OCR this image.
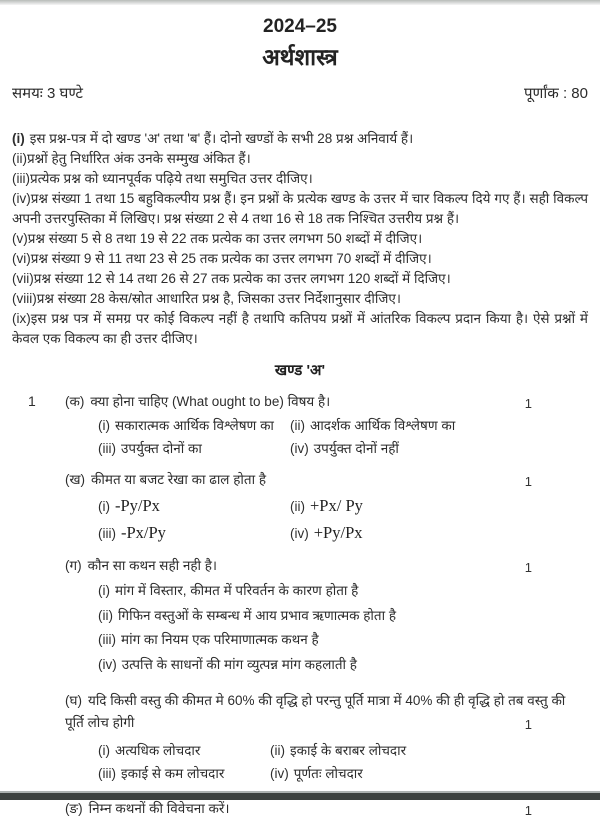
2024–25
अर्थशास्त्र
समयः 3 घण्टे	पूर्णांक : 80
(i) इस प्रश्न-पत्र में दो खण्ड 'अ' तथा 'ब' हैं। दोनो खण्डों के सभी 28 प्रश्न अनिवार्य हैं।
(ii)प्रश्नों हेतु निर्धारित अंक उनके सम्मुख अंकित हैं।
(iii)प्रत्येक प्रश्न को ध्यानपूर्वक पढ़िये तथा समुचित उत्तर दीजिए।
(iv)प्रश्न संख्या 1 तथा 15 बहुविकल्पीय प्रश्न हैं। इन प्रश्नों के प्रत्येक खण्ड के उत्तर में चार विकल्प दिये गए हैं। सही विकल्प अपनी उत्तरपुस्तिका में लिखिए। प्रश्न संख्या 2 से 4 तथा 16 से 18 तक निश्चित उत्तरीय प्रश्न हैं।
(v)प्रश्न संख्या 5 से 8 तथा 19 से 22 तक प्रत्येक का उत्तर लगभग 50 शब्दों में दीजिए।
(vi)प्रश्न संख्या 9 से 11 तथा 23 से 25 तक प्रत्येक का उत्तर लगभग 70 शब्दों में दीजिए।
(vii)प्रश्न संख्या 12 से 14 तथा 26 से 27 तक प्रत्येक का उत्तर लगभग 120 शब्दों में दिजिए।
(viii)प्रश्न संख्या 28 केस/स्रोत आधारित प्रश्न है, जिसका उत्तर निर्देशानुसार दीजिए।
(ix)इस प्रश्न पत्र में समग्र पर कोई विकल्प नहीं है तथापि कतिपय प्रश्नों में आंतरिक विकल्प प्रदान किया है। ऐसे प्रश्नों में केवल एक विकल्प का ही उत्तर दीजिए।
खण्ड 'अ'
1	(क) क्या होना चाहिए (What ought to be) विषय है।	1
(i) सकारात्मक आर्थिक विश्लेषण का	(ii) आदर्शक आर्थिक विश्लेषण का
(iii) उपर्युक्त दोनों का	(iv) उपर्युक्त दोनों नहीं
(ख) कीमत या बजट रेखा का ढाल होता है	1
(i) -Py/Px	(ii) +Px/ Py
(iii) -Px/Py	(iv) +Py/Px
(ग) कौन सा कथन सही नही है।	1
(i) मांग में विस्तार, कीमत में परिवर्तन के कारण होता है
(ii) गिफिन वस्तुओं के सम्बन्ध में आय प्रभाव ऋणात्मक होता है
(iii) मांग का नियम एक परिमाणात्मक कथन है
(iv) उत्पत्ति के साधनों की मांग व्युत्पन्न मांग कहलाती है
(घ) यदि किसी वस्तु की कीमत मे 60% की वृद्धि हो परन्तु पूर्ति मात्रा में 40% की ही वृद्धि हो तब वस्तु की पूर्ति लोच होगी	1
(i) अत्यधिक लोचदार	(ii) इकाई के बराबर लोचदार
(iii) इकाई से कम लोचदार	(iv) पूर्णतः लोचदार
(ङ) निम्न कथनों की विवेचना करें।	1
